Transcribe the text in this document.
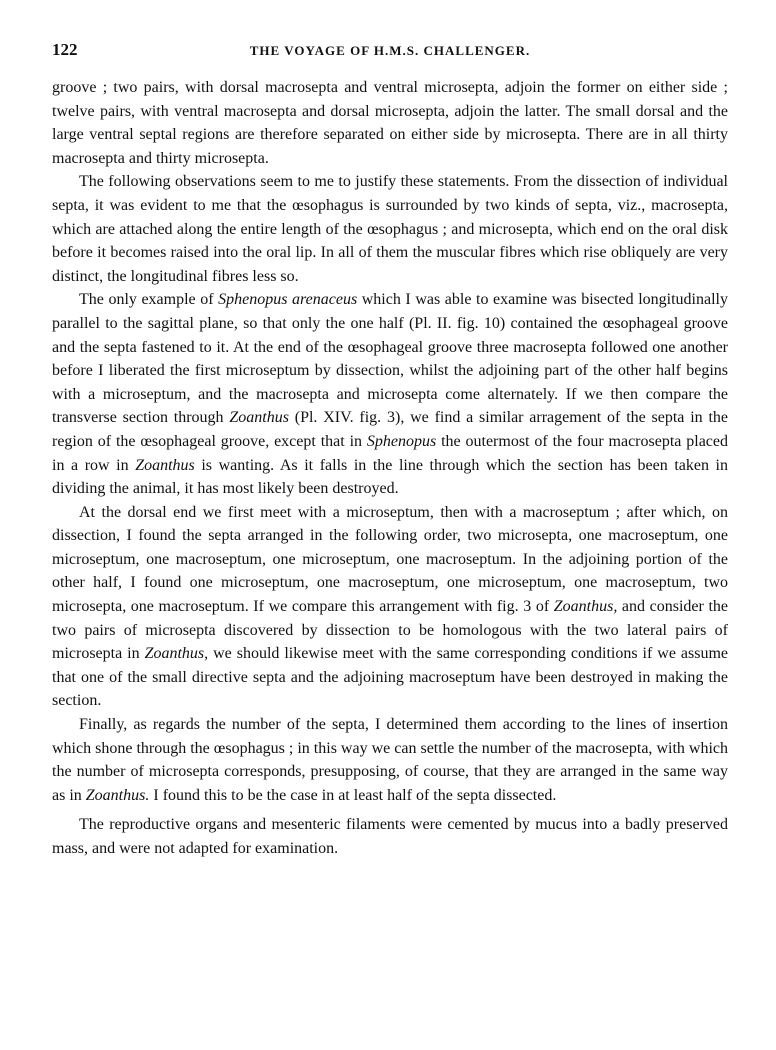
122	THE VOYAGE OF H.M.S. CHALLENGER.

groove ; two pairs, with dorsal macrosepta and ventral microsepta, adjoin the former on either side ; twelve pairs, with ventral macrosepta and dorsal microsepta, adjoin the latter. The small dorsal and the large ventral septal regions are therefore separated on either side by microsepta. There are in all thirty macrosepta and thirty microsepta.

The following observations seem to me to justify these statements. From the dissection of individual septa, it was evident to me that the œsophagus is surrounded by two kinds of septa, viz., macrosepta, which are attached along the entire length of the œsophagus ; and microsepta, which end on the oral disk before it becomes raised into the oral lip. In all of them the muscular fibres which rise obliquely are very distinct, the longitudinal fibres less so.

The only example of Sphenopus arenaceus which I was able to examine was bisected longitudinally parallel to the sagittal plane, so that only the one half (Pl. II. fig. 10) contained the œsophageal groove and the septa fastened to it. At the end of the œsophageal groove three macrosepta followed one another before I liberated the first microseptum by dissection, whilst the adjoining part of the other half begins with a microseptum, and the macrosepta and microsepta come alternately. If we then compare the transverse section through Zoanthus (Pl. XIV. fig. 3), we find a similar arragement of the septa in the region of the œsophageal groove, except that in Sphenopus the outermost of the four macrosepta placed in a row in Zoanthus is wanting. As it falls in the line through which the section has been taken in dividing the animal, it has most likely been destroyed.

At the dorsal end we first meet with a microseptum, then with a macroseptum ; after which, on dissection, I found the septa arranged in the following order, two microsepta, one macroseptum, one microseptum, one macroseptum, one microseptum, one macroseptum. In the adjoining portion of the other half, I found one microseptum, one macroseptum, one microseptum, one macroseptum, two microsepta, one macroseptum. If we compare this arrangement with fig. 3 of Zoanthus, and consider the two pairs of microsepta discovered by dissection to be homologous with the two lateral pairs of microsepta in Zoanthus, we should likewise meet with the same corresponding conditions if we assume that one of the small directive septa and the adjoining macroseptum have been destroyed in making the section.

Finally, as regards the number of the septa, I determined them according to the lines of insertion which shone through the œsophagus ; in this way we can settle the number of the macrosepta, with which the number of microsepta corresponds, presupposing, of course, that they are arranged in the same way as in Zoanthus. I found this to be the case in at least half of the septa dissected.

The reproductive organs and mesenteric filaments were cemented by mucus into a badly preserved mass, and were not adapted for examination.
